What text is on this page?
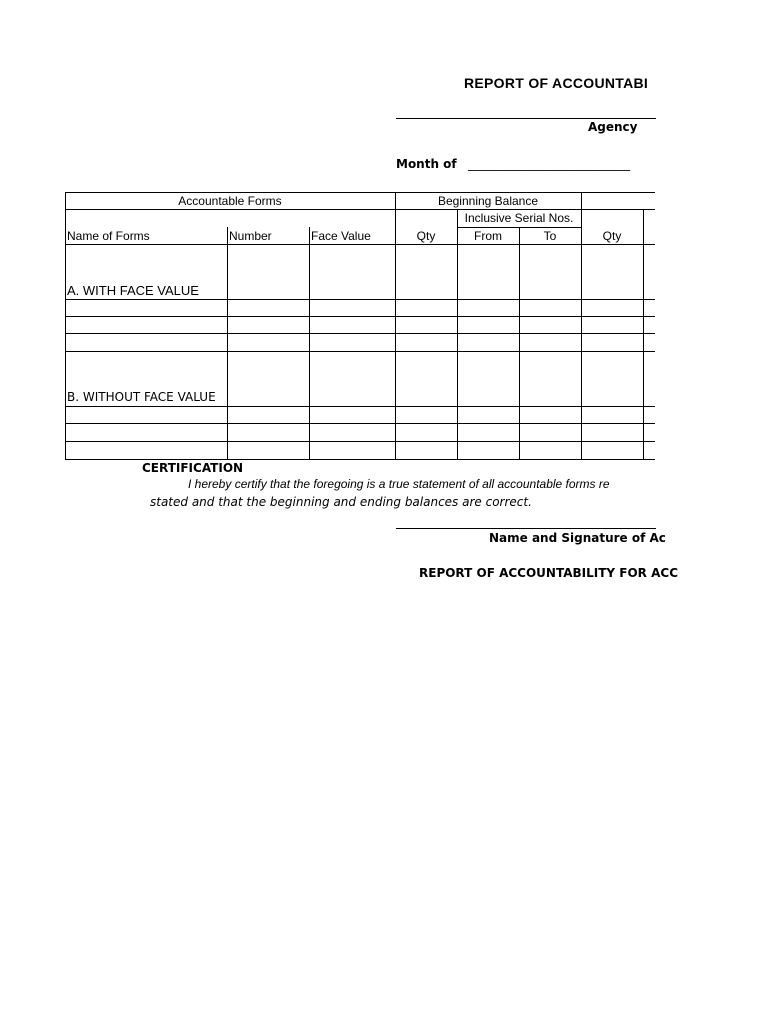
REPORT OF ACCOUNTABI
Agency
Month of ___________________________
Accountable Forms	Beginning Balance
Inclusive Serial Nos.
Name of Forms	Number	Face Value	Qty	From	To	Qty
A. WITH FACE VALUE
B. WITHOUT FACE VALUE
CERTIFICATION
I hereby certify that the foregoing is a true statement of all accountable forms re
stated and that the beginning and ending balances are correct.
Name and Signature of Ac
REPORT OF ACCOUNTABILITY FOR ACC
